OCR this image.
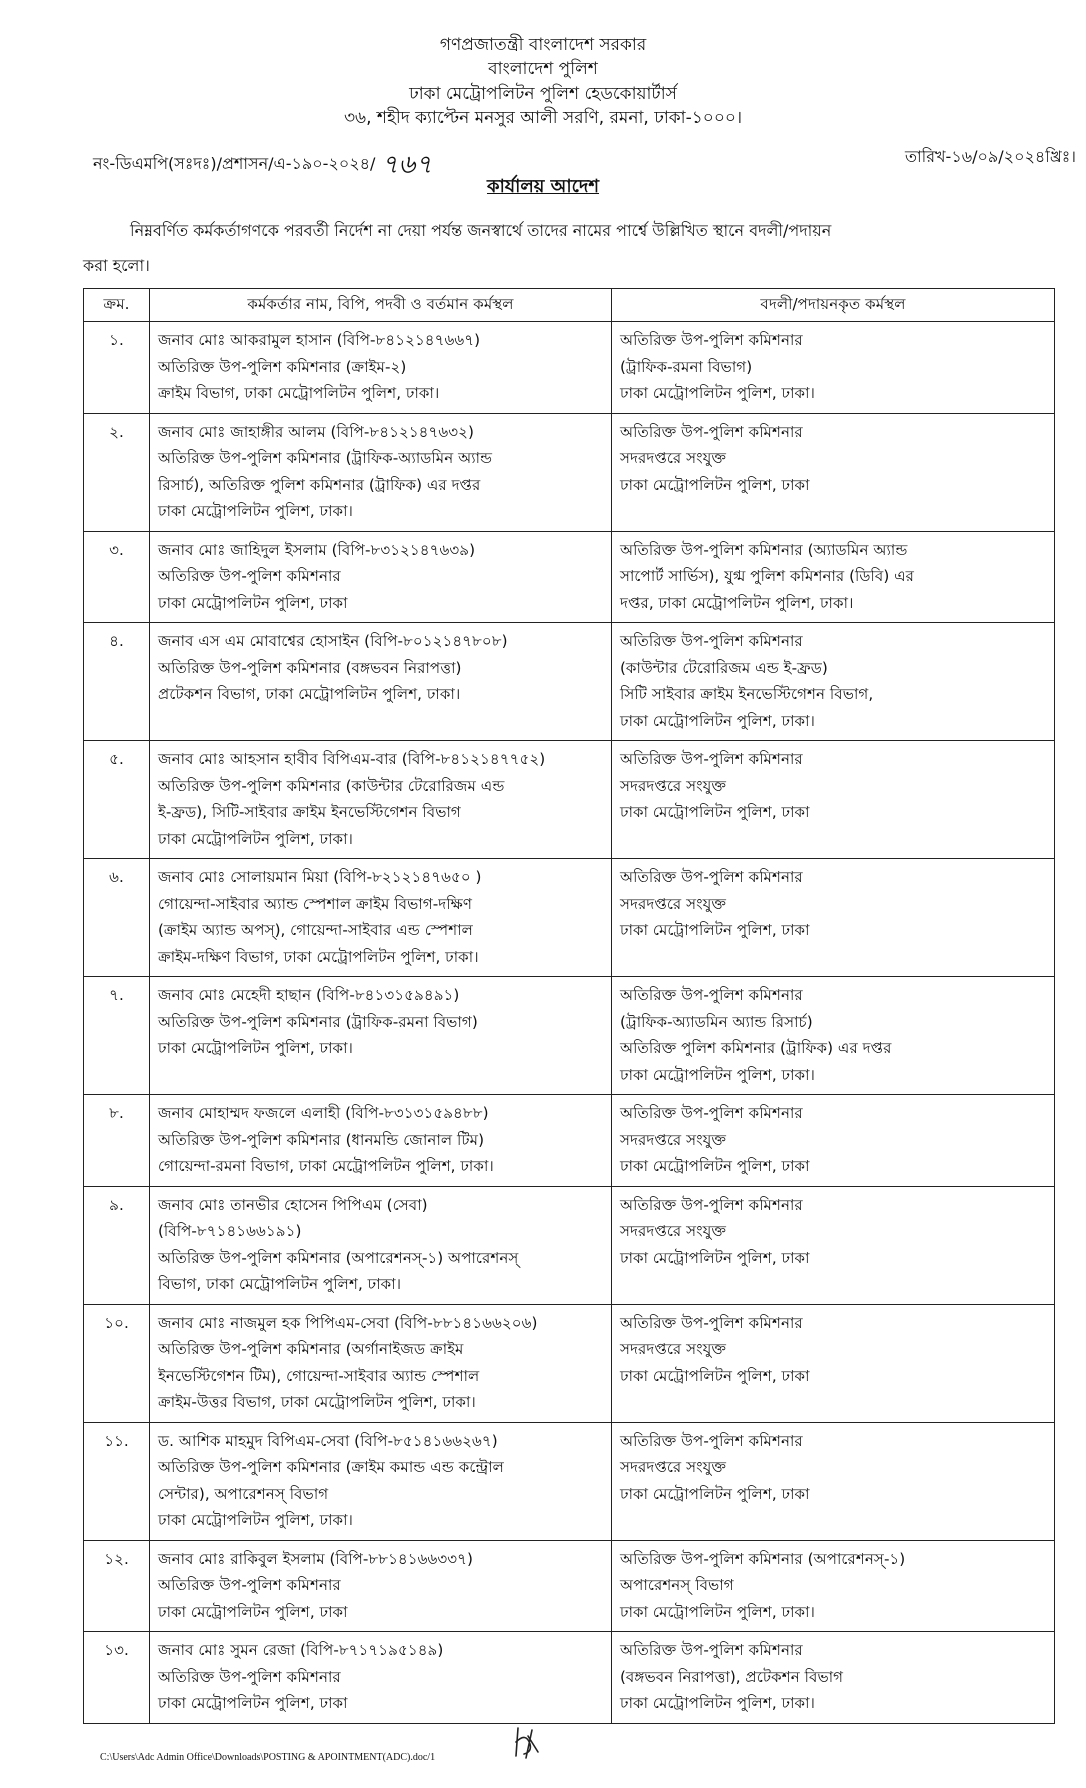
গণপ্রজাতন্ত্রী বাংলাদেশ সরকার
বাংলাদেশ পুলিশ
ঢাকা মেট্রোপলিটন পুলিশ হেডকোয়ার্টার্স
৩৬, শহীদ ক্যাপ্টেন মনসুর আলী সরণি, রমনা, ঢাকা-১০০০।
নং-ডিএমপি(সঃদঃ)/প্রশাসন/এ-১৯০-২০২৪/ ৭৬৭	তারিখ-১৬/০৯/২০২৪খ্রিঃ।
কার্যালয় আদেশ
নিম্নবর্ণিত কর্মকর্তাগণকে পরবর্তী নির্দেশ না দেয়া পর্যন্ত জনস্বার্থে তাদের নামের পার্শ্বে উল্লিখিত স্থানে বদলী/পদায়ন
করা হলো।
ক্রম.	কর্মকর্তার নাম, বিপি, পদবী ও বর্তমান কর্মস্থল	বদলী/পদায়নকৃত কর্মস্থল
১.	জনাব মোঃ আকরামুল হাসান (বিপি-৮৪১২১৪৭৬৬৭)
অতিরিক্ত উপ-পুলিশ কমিশনার (ক্রাইম-২)
ক্রাইম বিভাগ, ঢাকা মেট্রোপলিটন পুলিশ, ঢাকা।	অতিরিক্ত উপ-পুলিশ কমিশনার
(ট্রাফিক-রমনা বিভাগ)
ঢাকা মেট্রোপলিটন পুলিশ, ঢাকা।

২.	জনাব মোঃ জাহাঙ্গীর আলম (বিপি-৮৪১২১৪৭৬৩২)
অতিরিক্ত উপ-পুলিশ কমিশনার (ট্রাফিক-অ্যাডমিন অ্যান্ড
রিসার্চ), অতিরিক্ত পুলিশ কমিশনার (ট্রাফিক) এর দপ্তর
ঢাকা মেট্রোপলিটন পুলিশ, ঢাকা।	অতিরিক্ত উপ-পুলিশ কমিশনার
সদরদপ্তরে সংযুক্ত
ঢাকা মেট্রোপলিটন পুলিশ, ঢাকা

৩.	জনাব মোঃ জাহিদুল ইসলাম (বিপি-৮৩১২১৪৭৬৩৯)
অতিরিক্ত উপ-পুলিশ কমিশনার
ঢাকা মেট্রোপলিটন পুলিশ, ঢাকা	অতিরিক্ত উপ-পুলিশ কমিশনার (অ্যাডমিন অ্যান্ড
সাপোর্ট সার্ভিস), যুগ্ম পুলিশ কমিশনার (ডিবি) এর
দপ্তর, ঢাকা মেট্রোপলিটন পুলিশ, ঢাকা।

৪.	জনাব এস এম মোবাশ্বের হোসাইন (বিপি-৮০১২১৪৭৮০৮)
অতিরিক্ত উপ-পুলিশ কমিশনার (বঙ্গভবন নিরাপত্তা)
প্রটেকশন বিভাগ, ঢাকা মেট্রোপলিটন পুলিশ, ঢাকা।	অতিরিক্ত উপ-পুলিশ কমিশনার
(কাউন্টার টেরোরিজম এন্ড ই-ফ্রড)
সিটি সাইবার ক্রাইম ইনভেস্টিগেশন বিভাগ,
ঢাকা মেট্রোপলিটন পুলিশ, ঢাকা।

৫.	জনাব মোঃ আহসান হাবীব বিপিএম-বার (বিপি-৮৪১২১৪৭৭৫২)
অতিরিক্ত উপ-পুলিশ কমিশনার (কাউন্টার টেরোরিজম এন্ড
ই-ফ্রড), সিটি-সাইবার ক্রাইম ইনভেস্টিগেশন বিভাগ
ঢাকা মেট্রোপলিটন পুলিশ, ঢাকা।	অতিরিক্ত উপ-পুলিশ কমিশনার
সদরদপ্তরে সংযুক্ত
ঢাকা মেট্রোপলিটন পুলিশ, ঢাকা

৬.	জনাব মোঃ সোলায়মান মিয়া (বিপি-৮২১২১৪৭৬৫০ )
গোয়েন্দা-সাইবার অ্যান্ড স্পেশাল ক্রাইম বিভাগ-দক্ষিণ
(ক্রাইম অ্যান্ড অপস্), গোয়েন্দা-সাইবার এন্ড স্পেশাল
ক্রাইম-দক্ষিণ বিভাগ, ঢাকা মেট্রোপলিটন পুলিশ, ঢাকা।	অতিরিক্ত উপ-পুলিশ কমিশনার
সদরদপ্তরে সংযুক্ত
ঢাকা মেট্রোপলিটন পুলিশ, ঢাকা

৭.	জনাব মোঃ মেহেদী হাছান (বিপি-৮৪১৩১৫৯৪৯১)
অতিরিক্ত উপ-পুলিশ কমিশনার (ট্রাফিক-রমনা বিভাগ)
ঢাকা মেট্রোপলিটন পুলিশ, ঢাকা।	অতিরিক্ত উপ-পুলিশ কমিশনার
(ট্রাফিক-অ্যাডমিন অ্যান্ড রিসার্চ)
অতিরিক্ত পুলিশ কমিশনার (ট্রাফিক) এর দপ্তর
ঢাকা মেট্রোপলিটন পুলিশ, ঢাকা।

৮.	জনাব মোহাম্মদ ফজলে এলাহী (বিপি-৮৩১৩১৫৯৪৮৮)
অতিরিক্ত উপ-পুলিশ কমিশনার (ধানমন্ডি জোনাল টিম)
গোয়েন্দা-রমনা বিভাগ, ঢাকা মেট্রোপলিটন পুলিশ, ঢাকা।	অতিরিক্ত উপ-পুলিশ কমিশনার
সদরদপ্তরে সংযুক্ত
ঢাকা মেট্রোপলিটন পুলিশ, ঢাকা

৯.	জনাব মোঃ তানভীর হোসেন পিপিএম (সেবা)
(বিপি-৮৭১৪১৬৬১৯১)
অতিরিক্ত উপ-পুলিশ কমিশনার (অপারেশনস্-১) অপারেশনস্
বিভাগ, ঢাকা মেট্রোপলিটন পুলিশ, ঢাকা।	অতিরিক্ত উপ-পুলিশ কমিশনার
সদরদপ্তরে সংযুক্ত
ঢাকা মেট্রোপলিটন পুলিশ, ঢাকা

১০.	জনাব মোঃ নাজমুল হক পিপিএম-সেবা (বিপি-৮৮১৪১৬৬২০৬)
অতিরিক্ত উপ-পুলিশ কমিশনার (অর্গানাইজড ক্রাইম
ইনভেস্টিগেশন টিম), গোয়েন্দা-সাইবার অ্যান্ড স্পেশাল
ক্রাইম-উত্তর বিভাগ, ঢাকা মেট্রোপলিটন পুলিশ, ঢাকা।	অতিরিক্ত উপ-পুলিশ কমিশনার
সদরদপ্তরে সংযুক্ত
ঢাকা মেট্রোপলিটন পুলিশ, ঢাকা

১১.	ড. আশিক মাহমুদ বিপিএম-সেবা (বিপি-৮৫১৪১৬৬২৬৭)
অতিরিক্ত উপ-পুলিশ কমিশনার (ক্রাইম কমান্ড এন্ড কন্ট্রোল
সেন্টার), অপারেশনস্ বিভাগ
ঢাকা মেট্রোপলিটন পুলিশ, ঢাকা।	অতিরিক্ত উপ-পুলিশ কমিশনার
সদরদপ্তরে সংযুক্ত
ঢাকা মেট্রোপলিটন পুলিশ, ঢাকা

১২.	জনাব মোঃ রাকিবুল ইসলাম (বিপি-৮৮১৪১৬৬৩৩৭)
অতিরিক্ত উপ-পুলিশ কমিশনার
ঢাকা মেট্রোপলিটন পুলিশ, ঢাকা	অতিরিক্ত উপ-পুলিশ কমিশনার (অপারেশনস্-১)
অপারেশনস্ বিভাগ
ঢাকা মেট্রোপলিটন পুলিশ, ঢাকা।

১৩.	জনাব মোঃ সুমন রেজা (বিপি-৮৭১৭১৯৫১৪৯)
অতিরিক্ত উপ-পুলিশ কমিশনার
ঢাকা মেট্রোপলিটন পুলিশ, ঢাকা	অতিরিক্ত উপ-পুলিশ কমিশনার
(বঙ্গভবন নিরাপত্তা), প্রটেকশন বিভাগ
ঢাকা মেট্রোপলিটন পুলিশ, ঢাকা।
C:\Users\Adc Admin Office\Downloads\POSTING & APOINTMENT(ADC).doc/1
